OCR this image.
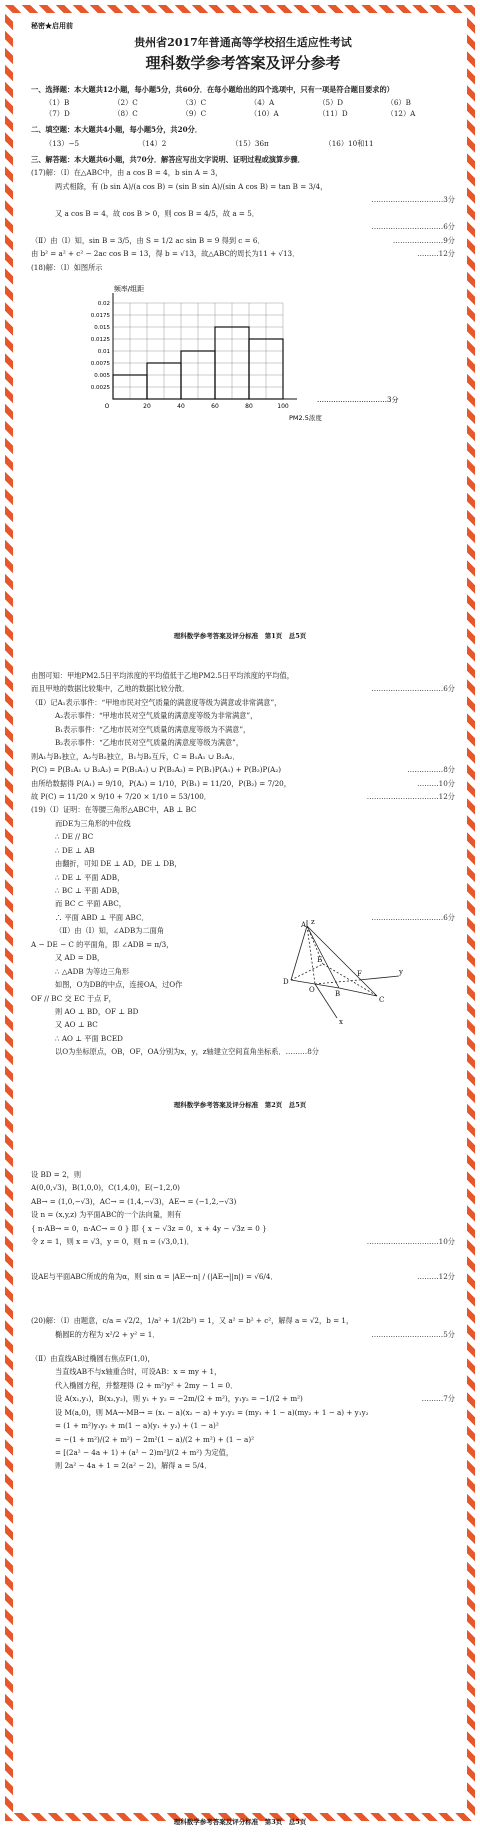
秘密★启用前
贵州省2017年普通高等学校招生适应性考试
理科数学参考答案及评分参考
一、选择题：本大题共12小题，每小题5分，共60分．在每小题给出的四个选项中，只有一项是符合题目要求的）
（1）B	（2）C	（3）C	（4）A	（5）D	（6）B
（7）D	（8）C	（9）C	（10）A	（11）D	（12）A
二、填空题：本大题共4小题，每小题5分，共20分．
（13）−5	（14）2	（15）36π	（16）10和11
三、解答题：本大题共6小题，共70分．解答应写出文字说明、证明过程或演算步骤．
(17)解：（Ⅰ）在△ABC中，由 a cos B = 4，b sin A = 3，
两式相除，有 (b sin A)/(a cos B) = (sin B sin A)/(sin A cos B) = tan B = 3/4，
…………………………3分

又 a cos B = 4，故 cos B > 0，则 cos B = 4/5，故 a = 5．
…………………………6分

（Ⅱ）由（Ⅰ）知，sin B = 3/5，由 S = 1/2 ac sin B = 9 得到 c = 6．	…………………9分
由 b² = a² + c² − 2ac cos B = 13，得 b = √13，故△ABC的周长为11 + √13．	………12分
(18)解：（Ⅰ）如图所示
频率/组距
PM2.5浓度
…………………………3分
0.0025
0.005
0.0075
0.01
0.0125
0.015
0.0175
0.02
O	20	40	60	80	100
理科数学参考答案及评分标准　第1页　总5页
由图可知：甲地PM2.5日平均浓度的平均值低于乙地PM2.5日平均浓度的平均值，
而且甲地的数据比较集中，乙地的数据比较分散．	…………………………6分
（Ⅱ）记A₁表示事件：“甲地市民对空气质量的满意度等级为满意或非常满意”，
A₂表示事件：“甲地市民对空气质量的满意度等级为非常满意”，
B₁表示事件：“乙地市民对空气质量的满意度等级为不满意”，
B₂表示事件：“乙地市民对空气质量的满意度等级为满意”，
则A₁与B₁独立，A₂与B₂独立，B₁与B₂互斥，C = B₁A₁ ∪ B₂A₂．
P(C) = P(B₁A₁ ∪ B₂A₂) = P(B₁A₁) ∪ P(B₂A₂) = P(B₁)P(A₁) + P(B₂)P(A₂)	……………8分
由所给数据得 P(A₁) = 9/10，P(A₂) = 1/10，P(B₁) = 11/20，P(B₂) = 7/20，	………10分
故 P(C) = 11/20 × 9/10 + 7/20 × 1/10 = 53/100．	…………………………12分
(19)（Ⅰ）证明：在等腰三角形△ABC中，AB ⊥ BC
而DE为三角形的中位线
∴ DE // BC
∴ DE ⊥ AB
由翻折，可知 DE ⊥ AD，DE ⊥ DB，
∴ DE ⊥ 平面 ADB，
∴ BC ⊥ 平面 ADB，
而 BC ⊂ 平面 ABC，
∴ 平面 ABD ⊥ 平面 ABC．	…………………………6分
（Ⅱ）由（Ⅰ）知，∠ADB为二面角
A − DE − C 的平面角，即 ∠ADB = π/3，
又 AD = DB，
∴ △ADB 为等边三角形
如图，O为DB的中点，连接OA，过O作
OF // BC 交 EC 于点 F，
则 AO ⊥ BD，OF ⊥ BD
又 AO ⊥ BC
∴ AO ⊥ 平面 BCED
以O为坐标原点，OB，OF，OA分别为x，y，z轴建立空间直角坐标系．………8分
A
E
D
O	B
C
F
x
y
z
理科数学参考答案及评分标准　第2页　总5页
设 BD = 2，则
A(0,0,√3)，B(1,0,0)，C(1,4,0)，E(−1,2,0)
AB→ = (1,0,−√3)，AC→ = (1,4,−√3)，AE→ = (−1,2,−√3)
设 n = (x,y,z) 为平面ABC的一个法向量，则有
{ n·AB→ = 0，n·AC→ = 0 } 即 { x − √3z = 0，x + 4y − √3z = 0 }
令 z = 1，则 x = √3，y = 0，则 n = (√3,0,1)．	…………………………10分
设AE与平面ABC所成的角为α，则 sin α = |AE→·n| / (|AE→||n|) = √6/4．	………12分
(20)解：（Ⅰ）由题意，c/a = √2/2，1/a² + 1/(2b²) = 1，又 a² = b² + c²，解得 a = √2，b = 1，
椭圆E的方程为 x²/2 + y² = 1．	…………………………5分
（Ⅱ）由直线AB过椭圆右焦点F(1,0)，
当直线AB不与x轴重合时，可设AB：x = my + 1，
代入椭圆方程，并整理得 (2 + m²)y² + 2my − 1 = 0．
设 A(x₁,y₁)，B(x₂,y₂)，则 y₁ + y₂ = −2m/(2 + m²)，y₁y₂ = −1/(2 + m²)	………7分
设 M(a,0)，则 MA→·MB→ = (x₁ − a)(x₂ − a) + y₁y₂ = (my₁ + 1 − a)(my₂ + 1 − a) + y₁y₂
= (1 + m²)y₁y₂ + m(1 − a)(y₁ + y₂) + (1 − a)²
= −(1 + m²)/(2 + m²) − 2m²(1 − a)/(2 + m²) + (1 − a)²
= [(2a² − 4a + 1) + (a² − 2)m²]/(2 + m²) 为定值，
则 2a² − 4a + 1 = 2(a² − 2)，解得 a = 5/4．
理科数学参考答案及评分标准　第3页　总5页
